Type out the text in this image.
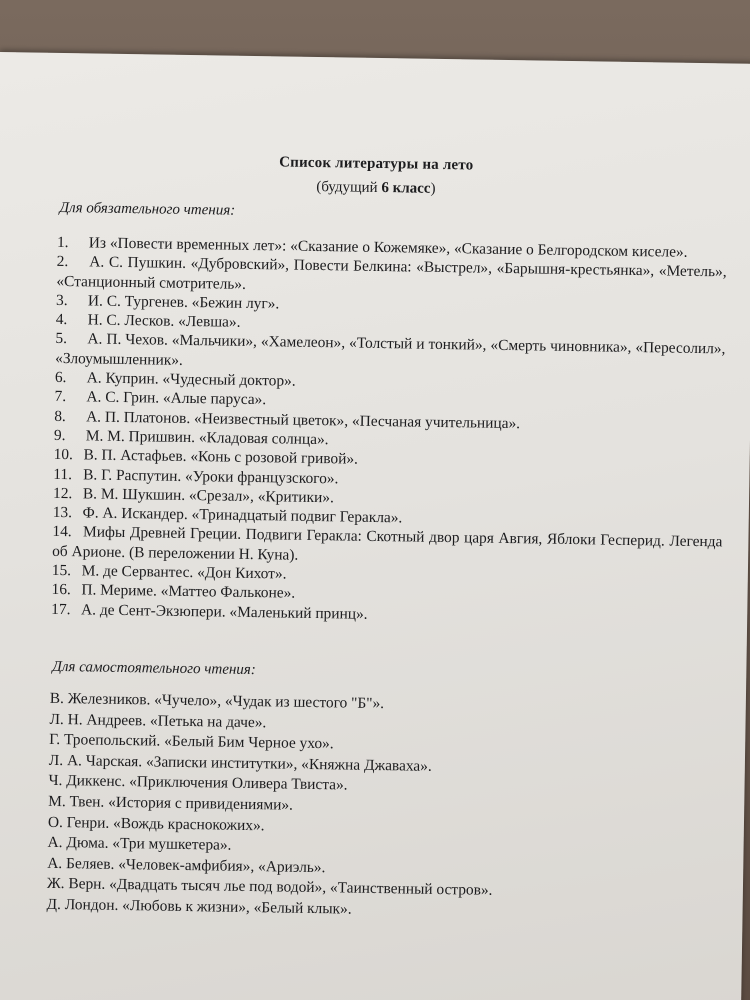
Список литературы на лето
(будущий 6 класс)
Для обязательного чтения:
1. Из «Повести временных лет»: «Сказание о Кожемяке», «Сказание о Белгородском киселе».
2. А. С. Пушкин. «Дубровский», Повести Белкина: «Выстрел», «Барышня-крестьянка», «Метель», «Станционный смотритель».
3. И. С. Тургенев. «Бежин луг».
4. Н. С. Лесков. «Левша».
5. А. П. Чехов. «Мальчики», «Хамелеон», «Толстый и тонкий», «Смерть чиновника», «Пересолил», «Злоумышленник».
6. А. Куприн. «Чудесный доктор».
7. А. С. Грин. «Алые паруса».
8. А. П. Платонов. «Неизвестный цветок», «Песчаная учительница».
9. М. М. Пришвин. «Кладовая солнца».
10. В. П. Астафьев. «Конь с розовой гривой».
11. В. Г. Распутин. «Уроки французского».
12. В. М. Шукшин. «Срезал», «Критики».
13. Ф. А. Искандер. «Тринадцатый подвиг Геракла».
14. Мифы Древней Греции. Подвиги Геракла: Скотный двор царя Авгия, Яблоки Гесперид. Легенда об Арионе. (В переложении Н. Куна).
15. М. де Сервантес. «Дон Кихот».
16. П. Мериме. «Маттео Фальконе».
17. А. де Сент-Экзюпери. «Маленький принц».
Для самостоятельного чтения:
В. Железников. «Чучело», «Чудак из шестого "Б"».
Л. Н. Андреев. «Петька на даче».
Г. Троепольский. «Белый Бим Черное ухо».
Л. А. Чарская. «Записки институтки», «Княжна Джаваха».
Ч. Диккенс. «Приключения Оливера Твиста».
М. Твен. «История с привидениями».
О. Генри. «Вождь краснокожих».
А. Дюма. «Три мушкетера».
А. Беляев. «Человек-амфибия», «Ариэль».
Ж. Верн. «Двадцать тысяч лье под водой», «Таинственный остров».
Д. Лондон. «Любовь к жизни», «Белый клык».
